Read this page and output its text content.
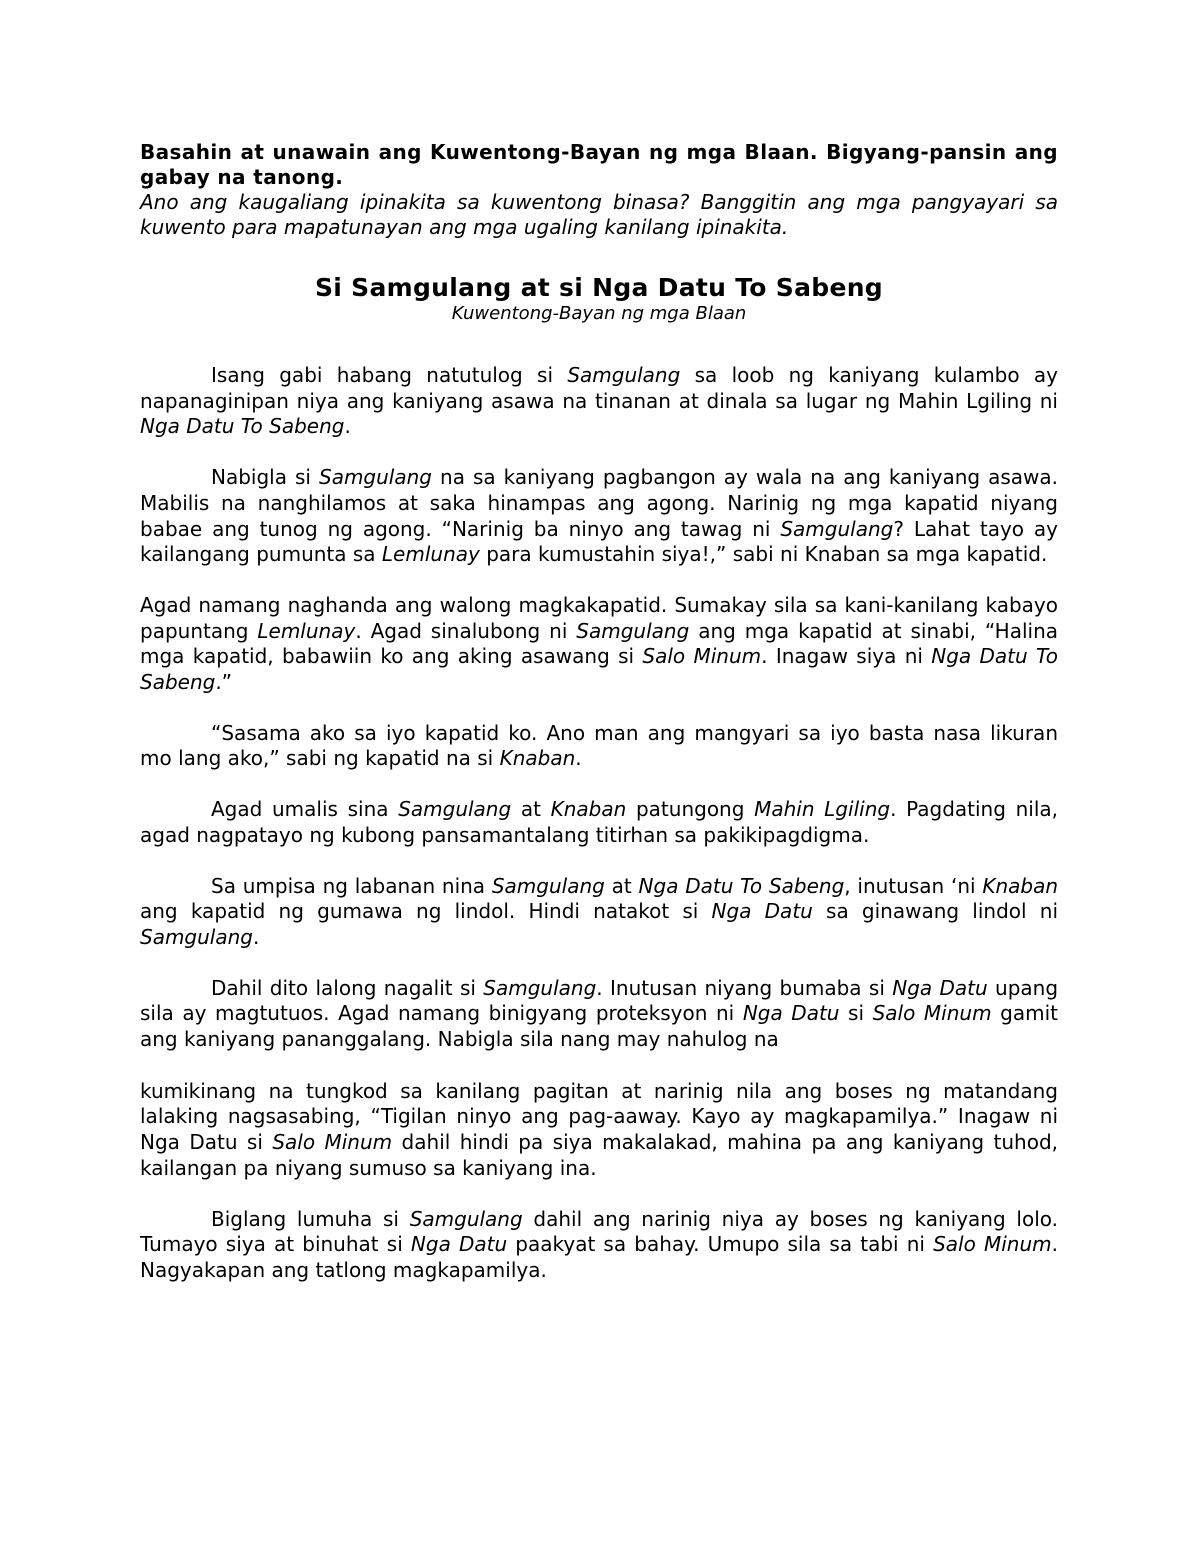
Basahin at unawain ang Kuwentong-Bayan ng mga Blaan. Bigyang-pansin ang gabay na tanong.
Ano ang kaugaliang ipinakita sa kuwentong binasa? Banggitin ang mga pangyayari sa kuwento para mapatunayan ang mga ugaling kanilang ipinakita.
Si Samgulang at si Nga Datu To Sabeng
Kuwentong-Bayan ng mga Blaan

Isang gabi habang natutulog si Samgulang sa loob ng kaniyang kulambo ay napanaginipan niya ang kaniyang asawa na tinanan at dinala sa lugar ng Mahin Lgiling ni Nga Datu To Sabeng.

Nabigla si Samgulang na sa kaniyang pagbangon ay wala na ang kaniyang asawa. Mabilis na nanghilamos at saka hinampas ang agong. Narinig ng mga kapatid niyang babae ang tunog ng agong. “Narinig ba ninyo ang tawag ni Samgulang? Lahat tayo ay kailangang pumunta sa Lemlunay para kumustahin siya!,” sabi ni Knaban sa mga kapatid.

Agad namang naghanda ang walong magkakapatid. Sumakay sila sa kani-kanilang kabayo papuntang Lemlunay. Agad sinalubong ni Samgulang ang mga kapatid at sinabi, “Halina mga kapatid, babawiin ko ang aking asawang si Salo Minum. Inagaw siya ni Nga Datu To Sabeng.”

“Sasama ako sa iyo kapatid ko. Ano man ang mangyari sa iyo basta nasa likuran mo lang ako,” sabi ng kapatid na si Knaban.

Agad umalis sina Samgulang at Knaban patungong Mahin Lgiling. Pagdating nila, agad nagpatayo ng kubong pansamantalang titirhan sa pakikipagdigma.

Sa umpisa ng labanan nina Samgulang at Nga Datu To Sabeng, inutusan ‘ni Knaban ang kapatid ng gumawa ng lindol. Hindi natakot si Nga Datu sa ginawang lindol ni Samgulang.

Dahil dito lalong nagalit si Samgulang. Inutusan niyang bumaba si Nga Datu upang sila ay magtutuos. Agad namang binigyang proteksyon ni Nga Datu si Salo Minum gamit ang kaniyang pananggalang. Nabigla sila nang may nahulog na

kumikinang na tungkod sa kanilang pagitan at narinig nila ang boses ng matandang lalaking nagsasabing, “Tigilan ninyo ang pag-aaway. Kayo ay magkapamilya.” Inagaw ni Nga Datu si Salo Minum dahil hindi pa siya makalakad, mahina pa ang kaniyang tuhod, kailangan pa niyang sumuso sa kaniyang ina.

Biglang lumuha si Samgulang dahil ang narinig niya ay boses ng kaniyang lolo. Tumayo siya at binuhat si Nga Datu paakyat sa bahay. Umupo sila sa tabi ni Salo Minum. Nagyakapan ang tatlong magkapamilya.
